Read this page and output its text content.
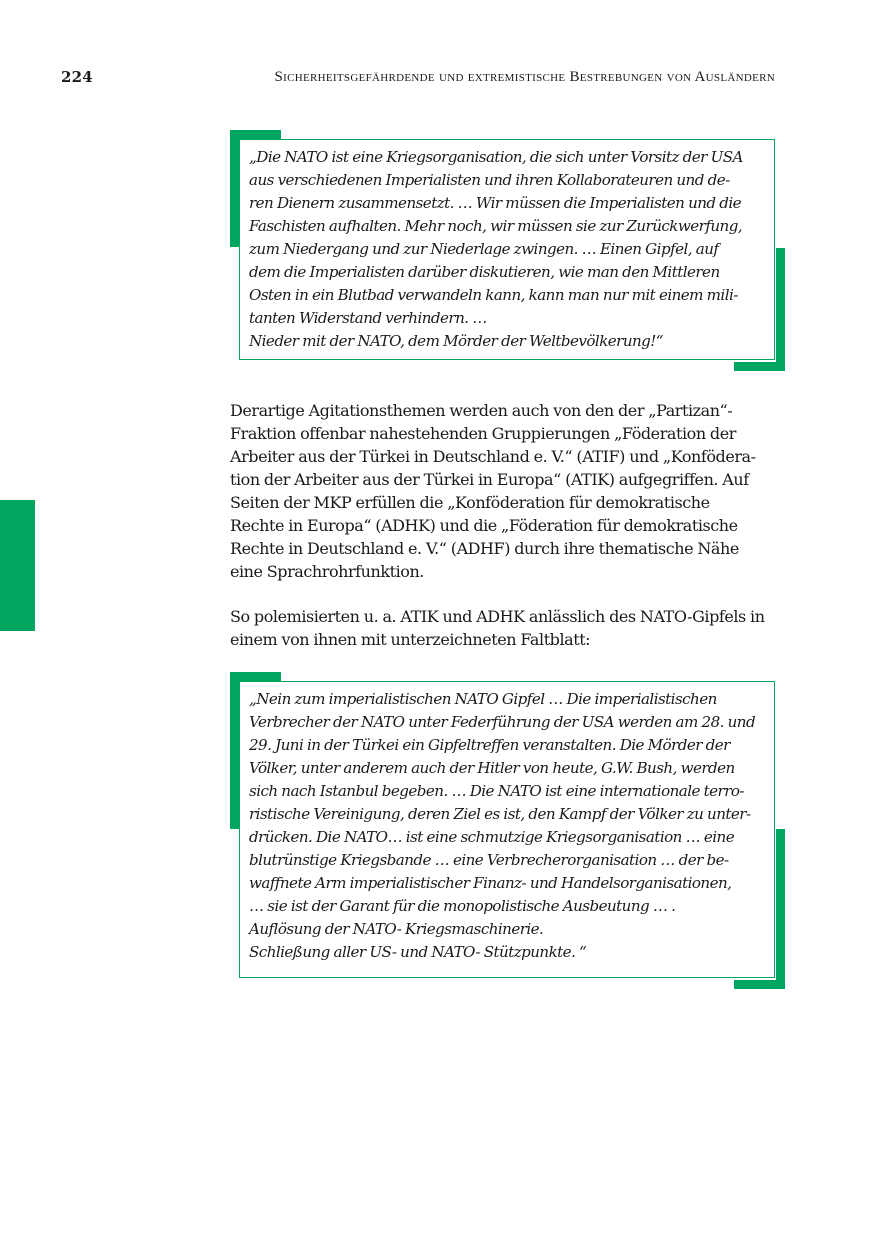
224	Sicherheitsgefährdende und extremistische Bestrebungen von Ausländern
„Die NATO ist eine Kriegsorganisation, die sich unter Vorsitz der USA
aus verschiedenen Imperialisten und ihren Kollaborateuren und de-
ren Dienern zusammensetzt. … Wir müssen die Imperialisten und die
Faschisten aufhalten. Mehr noch, wir müssen sie zur Zurückwerfung,
zum Niedergang und zur Niederlage zwingen. … Einen Gipfel, auf
dem die Imperialisten darüber diskutieren, wie man den Mittleren
Osten in ein Blutbad verwandeln kann, kann man nur mit einem mili-
tanten Widerstand verhindern. …
Nieder mit der NATO, dem Mörder der Weltbevölkerung!“
Derartige Agitationsthemen werden auch von den der „Partizan“-
Fraktion offenbar nahestehenden Gruppierungen „Föderation der
Arbeiter aus der Türkei in Deutschland e. V.“ (ATIF) und „Konfödera-
tion der Arbeiter aus der Türkei in Europa“ (ATIK) aufgegriffen. Auf
Seiten der MKP erfüllen die „Konföderation für demokratische
Rechte in Europa“ (ADHK) und die „Föderation für demokratische
Rechte in Deutschland e. V.“ (ADHF) durch ihre thematische Nähe
eine Sprachrohrfunktion.
So polemisierten u. a. ATIK und ADHK anlässlich des NATO-Gipfels in
einem von ihnen mit unterzeichneten Faltblatt:
„Nein zum imperialistischen NATO Gipfel … Die imperialistischen
Verbrecher der NATO unter Federführung der USA werden am 28. und
29. Juni in der Türkei ein Gipfeltreffen veranstalten. Die Mörder der
Völker, unter anderem auch der Hitler von heute, G.W. Bush, werden
sich nach Istanbul begeben. … Die NATO ist eine internationale terro-
ristische Vereinigung, deren Ziel es ist, den Kampf der Völker zu unter-
drücken. Die NATO… ist eine schmutzige Kriegsorganisation … eine
blutrünstige Kriegsbande … eine Verbrecherorganisation … der be-
waffnete Arm imperialistischer Finanz- und Handelsorganisationen,
… sie ist der Garant für die monopolistische Ausbeutung … .
Auflösung der NATO- Kriegsmaschinerie.
Schließung aller US- und NATO- Stützpunkte. “
